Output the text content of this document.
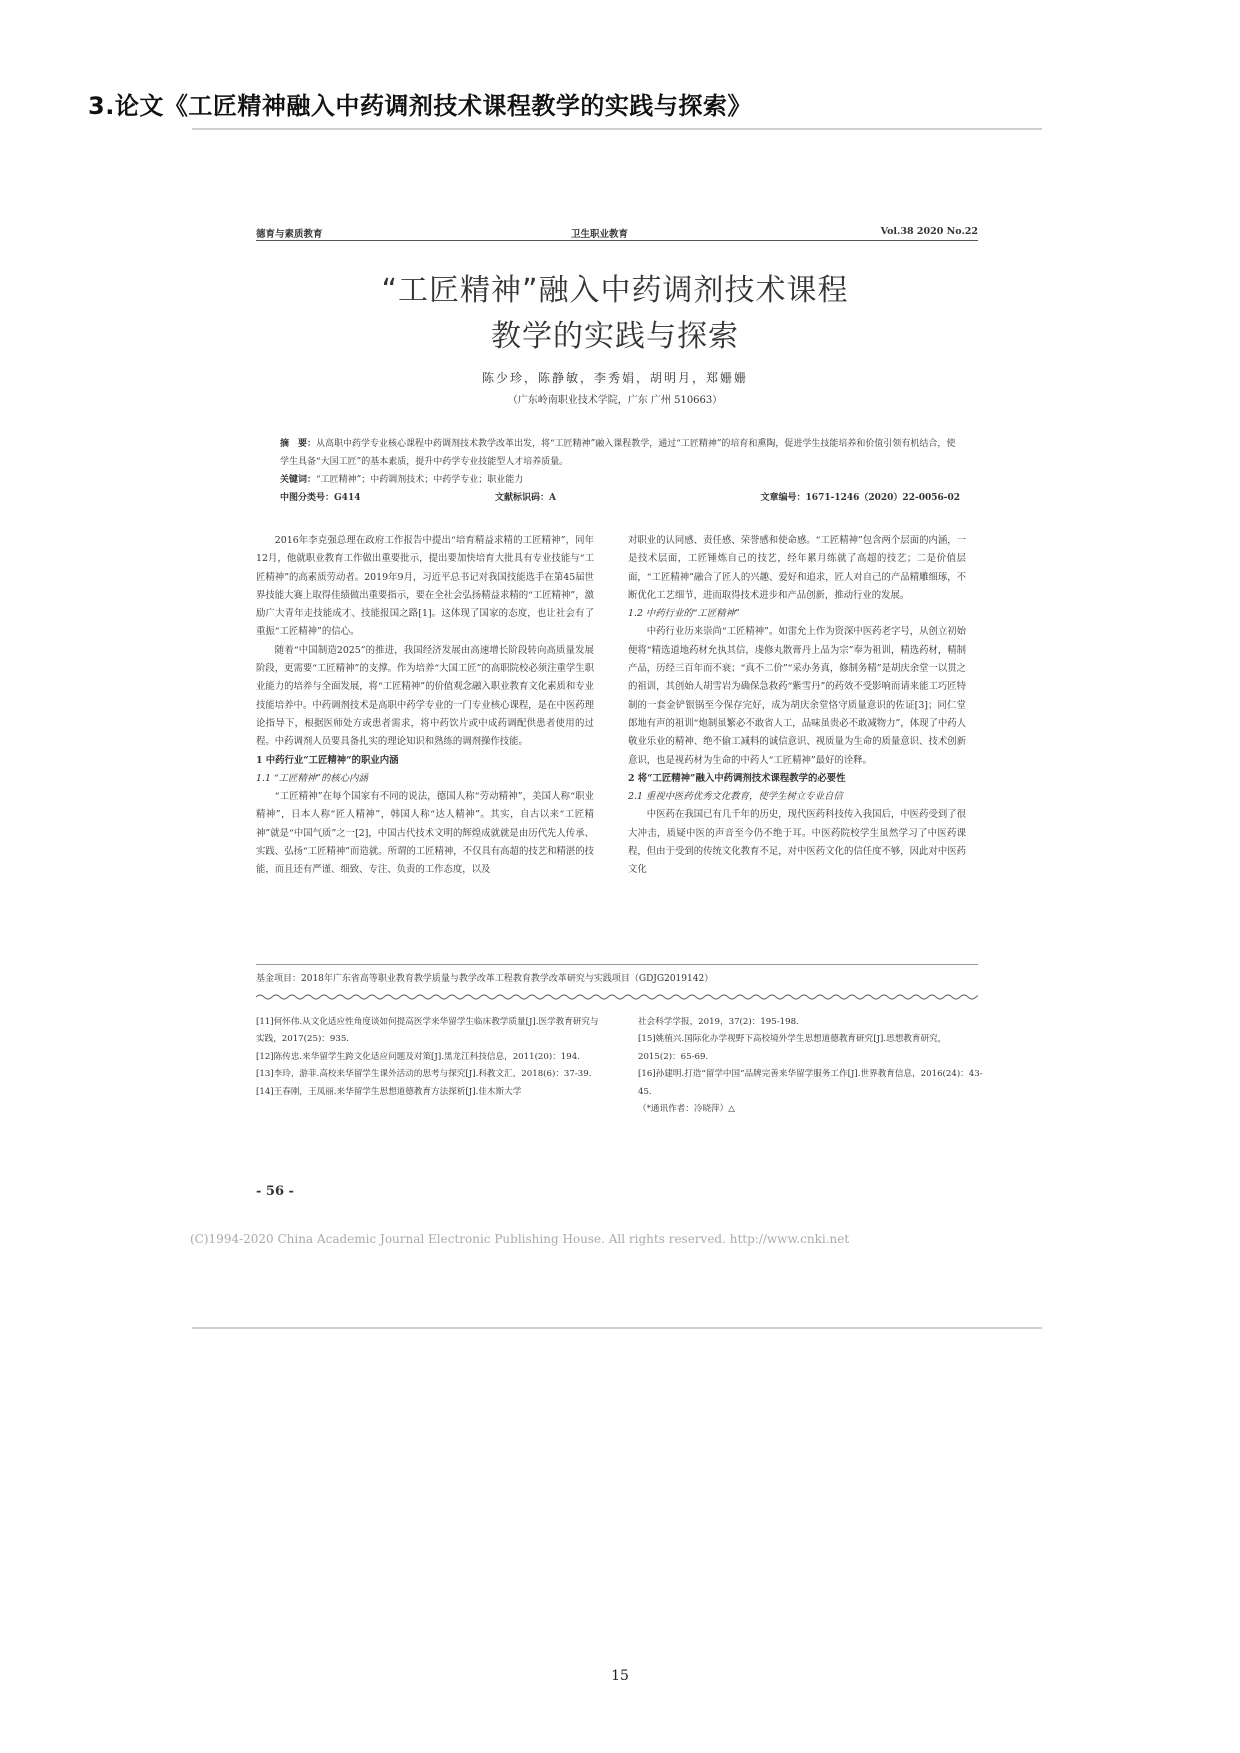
3.论文《工匠精神融入中药调剂技术课程教学的实践与探索》
德育与素质教育	卫生职业教育	Vol.38 2020 No.22
“工匠精神”融入中药调剂技术课程
教学的实践与探索
陈少珍，陈静敏，李秀娟，胡明月，郑姗姗
（广东岭南职业技术学院，广东 广州 510663）
摘　要：从高职中药学专业核心课程中药调剂技术教学改革出发，将“工匠精神”融入课程教学，通过“工匠精神”的培育和熏陶，促进学生技能培养和价值引领有机结合，使学生具备“大国工匠”的基本素质，提升中药学专业技能型人才培养质量。
关键词：“工匠精神”；中药调剂技术；中药学专业；职业能力
中图分类号：G414	文献标识码：A	文章编号：1671-1246（2020）22-0056-02

2016年李克强总理在政府工作报告中提出“培育精益求精的工匠精神”，同年12月，他就职业教育工作做出重要批示，提出要加快培育大批具有专业技能与“工匠精神”的高素质劳动者。2019年9月，习近平总书记对我国技能选手在第45届世界技能大赛上取得佳绩做出重要指示，要在全社会弘扬精益求精的“工匠精神”，激励广大青年走技能成才、技能报国之路[1]。这体现了国家的态度，也让社会有了重振“工匠精神”的信心。

随着“中国制造2025”的推进，我国经济发展由高速增长阶段转向高质量发展阶段，更需要“工匠精神”的支撑。作为培养“大国工匠”的高职院校必须注重学生职业能力的培养与全面发展，将“工匠精神”的价值观念融入职业教育文化素质和专业技能培养中。中药调剂技术是高职中药学专业的一门专业核心课程，是在中医药理论指导下，根据医师处方或患者需求，将中药饮片或中成药调配供患者使用的过程。中药调剂人员要具备扎实的理论知识和熟练的调剂操作技能。

1 中药行业“工匠精神”的职业内涵

1.1 “工匠精神”的核心内涵

“工匠精神”在每个国家有不同的说法，德国人称“劳动精神”，美国人称“职业精神”，日本人称“匠人精神”，韩国人称“达人精神”。其实，自古以来“工匠精神”就是“中国气质”之一[2]，中国古代技术文明的辉煌成就就是由历代先人传承、实践、弘扬“工匠精神”而造就。所谓的工匠精神，不仅具有高超的技艺和精湛的技能，而且还有严谨、细致、专注、负责的工作态度，以及

对职业的认同感、责任感、荣誉感和使命感。“工匠精神”包含两个层面的内涵，一是技术层面，工匠锤炼自己的技艺，经年累月练就了高超的技艺；二是价值层面，“工匠精神”融合了匠人的兴趣、爱好和追求，匠人对自己的产品精雕细琢，不断优化工艺细节，进而取得技术进步和产品创新，推动行业的发展。

1.2 中药行业的“工匠精神”

中药行业历来崇尚“工匠精神”。如雷允上作为资深中医药老字号，从创立初始便将“精选道地药材允执其信，虔修丸散膏丹上品为宗”奉为祖训，精选药材，精制产品，历经三百年而不衰；“真不二价”“采办务真，修制务精”是胡庆余堂一以贯之的祖训，其创始人胡雪岩为确保急救药“紫雪丹”的药效不受影响而请来能工巧匠特制的一套金铲银锅至今保存完好，成为胡庆余堂恪守质量意识的佐证[3]；同仁堂郎地有声的祖训“炮制虽繁必不敢省人工，品味虽贵必不敢减物力”，体现了中药人敬业乐业的精神、绝不偷工减料的诚信意识、视质量为生命的质量意识、技术创新意识，也是视药材为生命的中药人“工匠精神”最好的诠释。

2 将“工匠精神”融入中药调剂技术课程教学的必要性

2.1 重视中医药优秀文化教育，使学生树立专业自信

中医药在我国已有几千年的历史，现代医药科技传入我国后，中医药受到了很大冲击，质疑中医的声音至今仍不绝于耳。中医药院校学生虽然学习了中医药课程，但由于受到的传统文化教育不足，对中医药文化的信任度不够，因此对中医药文化

基金项目：2018年广东省高等职业教育教学质量与教学改革工程教育教学改革研究与实践项目（GDJG2019142）

[11]何怀伟.从文化适应性角度谈如何提高医学来华留学生临床教学质量[J].医学教育研究与实践，2017(25)：935.

[12]陈传忠.来华留学生跨文化适应问题及对策[J].黑龙江科技信息，2011(20)：194.

[13]李玲，游菲.高校来华留学生课外活动的思考与探究[J].科教文汇，2018(6)：37-39.

[14]王春刚，王凤丽.来华留学生思想道德教育方法探析[J].佳木斯大学

社会科学学报，2019，37(2)：195-198.

[15]姚植兴.国际化办学视野下高校境外学生思想道德教育研究[J].思想教育研究，2015(2)：65-69.

[16]孙建明.打造“留学中国”品牌完善来华留学服务工作[J].世界教育信息，2016(24)：43-45.

（*通讯作者：冷晓萍）△

- 56 -
(C)1994-2020 China Academic Journal Electronic Publishing House. All rights reserved. http://www.cnki.net
15
